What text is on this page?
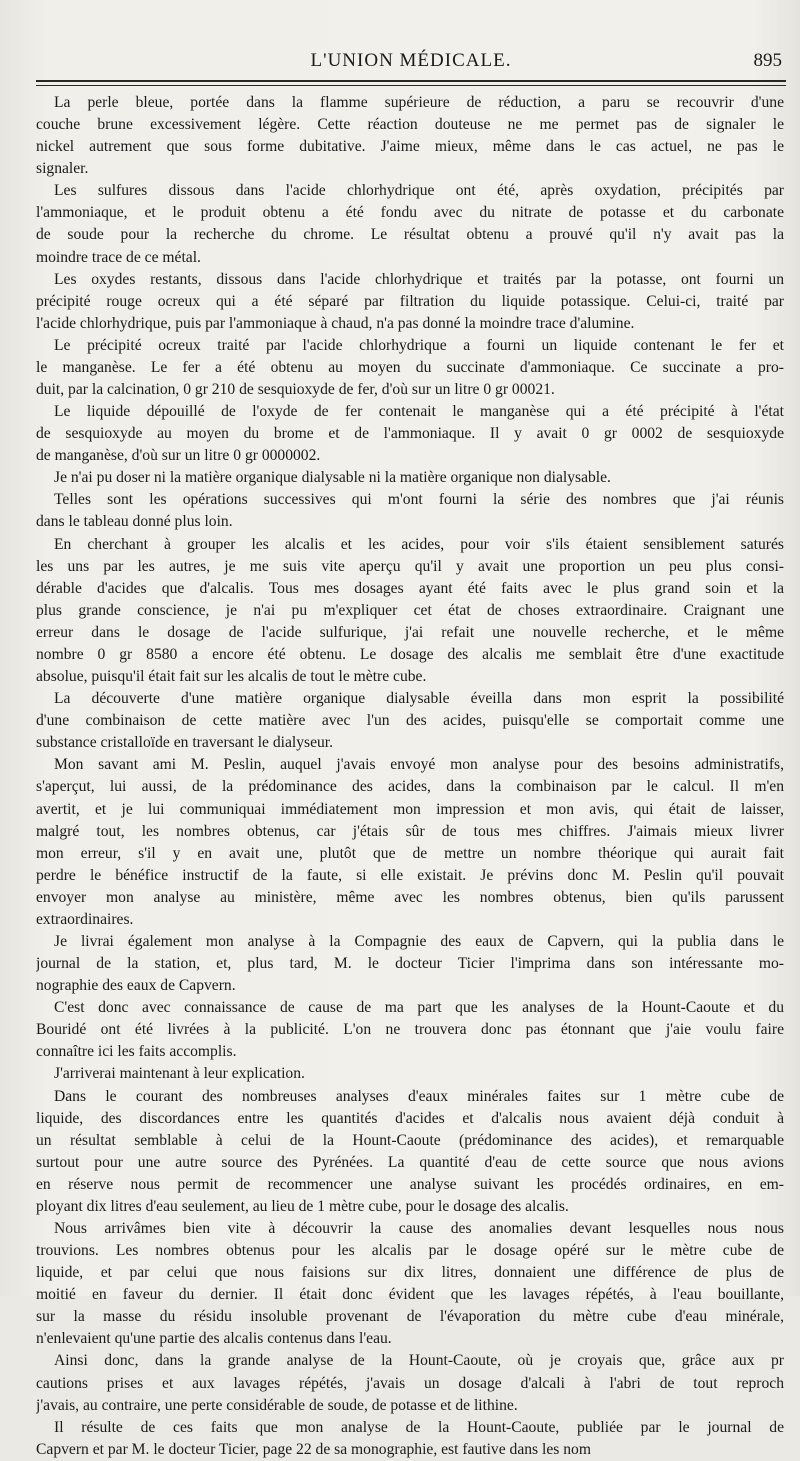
L'UNION MÉDICALE.	895
La perle bleue, portée dans la flamme supérieure de réduction, a paru se recouvrir d'une
couche brune excessivement légère. Cette réaction douteuse ne me permet pas de signaler le
nickel autrement que sous forme dubitative. J'aime mieux, même dans le cas actuel, ne pas le
signaler.
Les sulfures dissous dans l'acide chlorhydrique ont été, après oxydation, précipités par
l'ammoniaque, et le produit obtenu a été fondu avec du nitrate de potasse et du carbonate
de soude pour la recherche du chrome. Le résultat obtenu a prouvé qu'il n'y avait pas la
moindre trace de ce métal.
Les oxydes restants, dissous dans l'acide chlorhydrique et traités par la potasse, ont fourni un
précipité rouge ocreux qui a été séparé par filtration du liquide potassique. Celui-ci, traité par
l'acide chlorhydrique, puis par l'ammoniaque à chaud, n'a pas donné la moindre trace d'alumine.
Le précipité ocreux traité par l'acide chlorhydrique a fourni un liquide contenant le fer et
le manganèse. Le fer a été obtenu au moyen du succinate d'ammoniaque. Ce succinate a pro-
duit, par la calcination, 0 gr 210 de sesquioxyde de fer, d'où sur un litre 0 gr 00021.
Le liquide dépouillé de l'oxyde de fer contenait le manganèse qui a été précipité à l'état
de sesquioxyde au moyen du brome et de l'ammoniaque. Il y avait 0 gr 0002 de sesquioxyde
de manganèse, d'où sur un litre 0 gr 0000002.
Je n'ai pu doser ni la matière organique dialysable ni la matière organique non dialysable.
Telles sont les opérations successives qui m'ont fourni la série des nombres que j'ai réunis
dans le tableau donné plus loin.
En cherchant à grouper les alcalis et les acides, pour voir s'ils étaient sensiblement saturés
les uns par les autres, je me suis vite aperçu qu'il y avait une proportion un peu plus consi-
dérable d'acides que d'alcalis. Tous mes dosages ayant été faits avec le plus grand soin et la
plus grande conscience, je n'ai pu m'expliquer cet état de choses extraordinaire. Craignant une
erreur dans le dosage de l'acide sulfurique, j'ai refait une nouvelle recherche, et le même
nombre 0 gr 8580 a encore été obtenu. Le dosage des alcalis me semblait être d'une exactitude
absolue, puisqu'il était fait sur les alcalis de tout le mètre cube.
La découverte d'une matière organique dialysable éveilla dans mon esprit la possibilité
d'une combinaison de cette matière avec l'un des acides, puisqu'elle se comportait comme une
substance cristalloïde en traversant le dialyseur.
Mon savant ami M. Peslin, auquel j'avais envoyé mon analyse pour des besoins administratifs,
s'aperçut, lui aussi, de la prédominance des acides, dans la combinaison par le calcul. Il m'en
avertit, et je lui communiquai immédiatement mon impression et mon avis, qui était de laisser,
malgré tout, les nombres obtenus, car j'étais sûr de tous mes chiffres. J'aimais mieux livrer
mon erreur, s'il y en avait une, plutôt que de mettre un nombre théorique qui aurait fait
perdre le bénéfice instructif de la faute, si elle existait. Je prévins donc M. Peslin qu'il pouvait
envoyer mon analyse au ministère, même avec les nombres obtenus, bien qu'ils parussent
extraordinaires.
Je livrai également mon analyse à la Compagnie des eaux de Capvern, qui la publia dans le
journal de la station, et, plus tard, M. le docteur Ticier l'imprima dans son intéressante mo-
nographie des eaux de Capvern.
C'est donc avec connaissance de cause de ma part que les analyses de la Hount-Caoute et du
Bouridé ont été livrées à la publicité. L'on ne trouvera donc pas étonnant que j'aie voulu faire
connaître ici les faits accomplis.
J'arriverai maintenant à leur explication.
Dans le courant des nombreuses analyses d'eaux minérales faites sur 1 mètre cube de
liquide, des discordances entre les quantités d'acides et d'alcalis nous avaient déjà conduit à
un résultat semblable à celui de la Hount-Caoute (prédominance des acides), et remarquable
surtout pour une autre source des Pyrénées. La quantité d'eau de cette source que nous avions
en réserve nous permit de recommencer une analyse suivant les procédés ordinaires, en em-
ployant dix litres d'eau seulement, au lieu de 1 mètre cube, pour le dosage des alcalis.
Nous arrivâmes bien vite à découvrir la cause des anomalies devant lesquelles nous nous
trouvions. Les nombres obtenus pour les alcalis par le dosage opéré sur le mètre cube de
liquide, et par celui que nous faisions sur dix litres, donnaient une différence de plus de
moitié en faveur du dernier. Il était donc évident que les lavages répétés, à l'eau bouillante,
sur la masse du résidu insoluble provenant de l'évaporation du mètre cube d'eau minérale,
n'enlevaient qu'une partie des alcalis contenus dans l'eau.
Ainsi donc, dans la grande analyse de la Hount-Caoute, où je croyais que, grâce aux pr
cautions prises et aux lavages répétés, j'avais un dosage d'alcali à l'abri de tout reproch
j'avais, au contraire, une perte considérable de soude, de potasse et de lithine.
Il résulte de ces faits que mon analyse de la Hount-Caoute, publiée par le journal de
Capvern et par M. le docteur Ticier, page 22 de sa monographie, est fautive dans les nom
